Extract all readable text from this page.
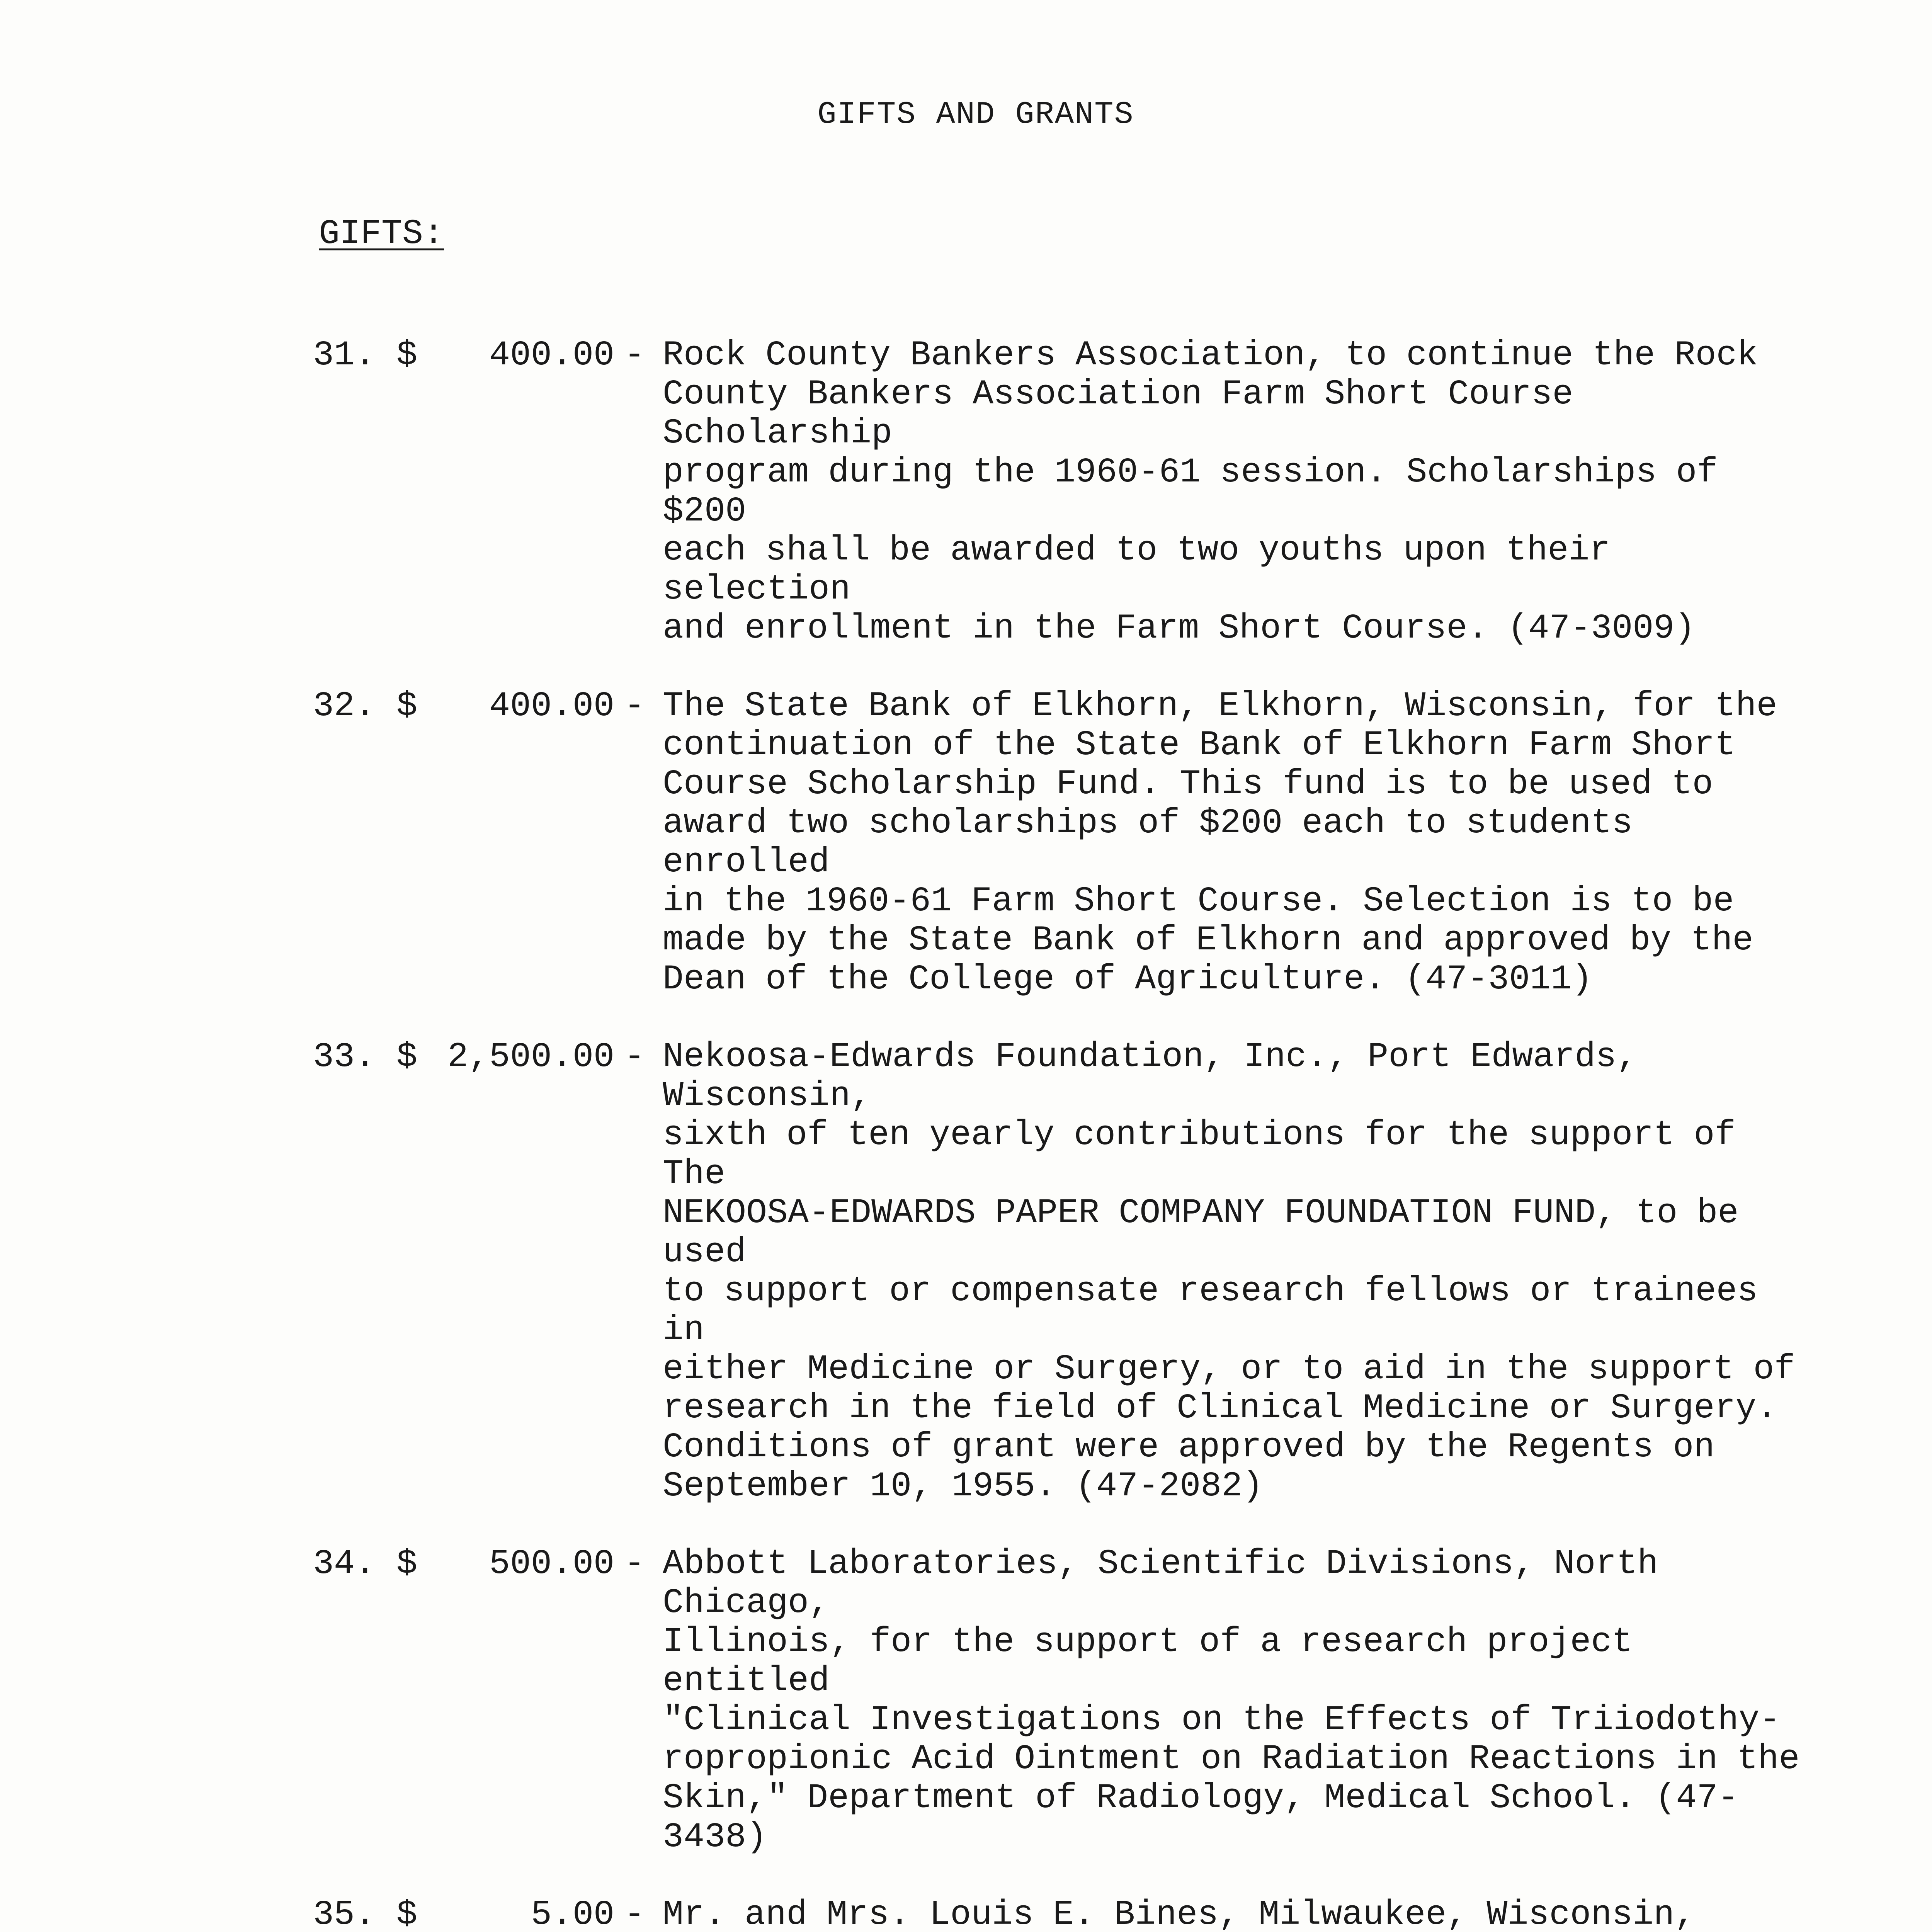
GIFTS AND GRANTS
GIFTS:
31. $ 400.00 - Rock County Bankers Association, to continue the Rock
County Bankers Association Farm Short Course Scholarship
program during the 1960-61 session. Scholarships of $200
each shall be awarded to two youths upon their selection
and enrollment in the Farm Short Course. (47-3009)
32. $ 400.00 - The State Bank of Elkhorn, Elkhorn, Wisconsin, for the
continuation of the State Bank of Elkhorn Farm Short
Course Scholarship Fund. This fund is to be used to
award two scholarships of $200 each to students enrolled
in the 1960-61 Farm Short Course. Selection is to be
made by the State Bank of Elkhorn and approved by the
Dean of the College of Agriculture. (47-3011)
33. $ 2,500.00 - Nekoosa-Edwards Foundation, Inc., Port Edwards, Wisconsin,
sixth of ten yearly contributions for the support of The
NEKOOSA-EDWARDS PAPER COMPANY FOUNDATION FUND, to be used
to support or compensate research fellows or trainees in
either Medicine or Surgery, or to aid in the support of
research in the field of Clinical Medicine or Surgery.
Conditions of grant were approved by the Regents on
September 10, 1955. (47-2082)
34. $ 500.00 - Abbott Laboratories, Scientific Divisions, North Chicago,
Illinois, for the support of a research project entitled
"Clinical Investigations on the Effects of Triiodothy-
ropropionic Acid Ointment on Radiation Reactions in the
Skin," Department of Radiology, Medical School. (47-3438)
35. $	5.00 - Mr. and Mrs. Louis E. Bines, Milwaukee, Wisconsin,
